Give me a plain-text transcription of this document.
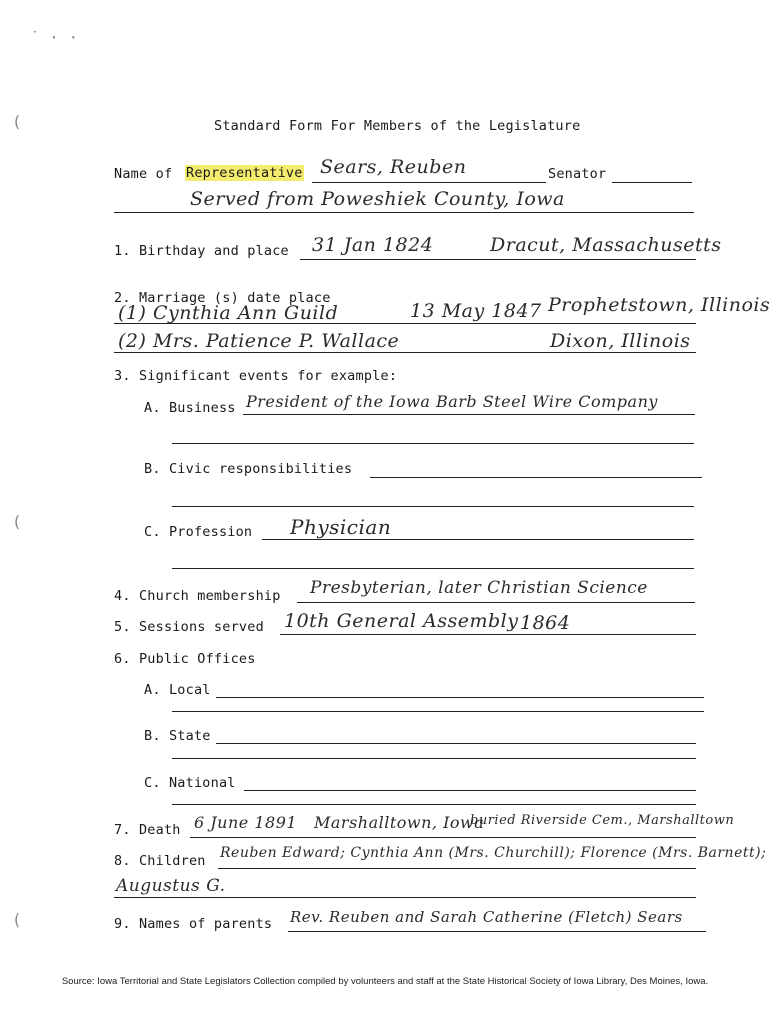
˙ · ·
(
(
(
Standard Form For Members of the Legislature
Name of Representative Sears, Reuben	Senator
Served from Poweshiek County, Iowa
1. Birthday and place 31 Jan 1824	Dracut, Massachusetts
2. Marriage (s) date place
(1) Cynthia Ann Guild	13 May 1847 Prophetstown, Illinois
(2) Mrs. Patience P. Wallace	Dixon, Illinois
3. Significant events for example:
A. Business President of the Iowa Barb Steel Wire Company
B. Civic responsibilities
C. Profession Physician
4. Church membership Presbyterian, later Christian Science
5. Sessions served 10th General Assembly 1864
6. Public Offices
A. Local
B. State
C. National
7. Death 6 June 1891 Marshalltown, Iowa
buried Riverside Cem., Marshalltown
8. Children Reuben Edward; Cynthia Ann (Mrs. Churchill); Florence (Mrs. Barnett);
Augustus G.
9. Names of parents Rev. Reuben and Sarah Catherine (Fletch) Sears
Source: Iowa Territorial and State Legislators Collection compiled by volunteers and staff at the State Historical Society of Iowa Library, Des Moines, Iowa.
